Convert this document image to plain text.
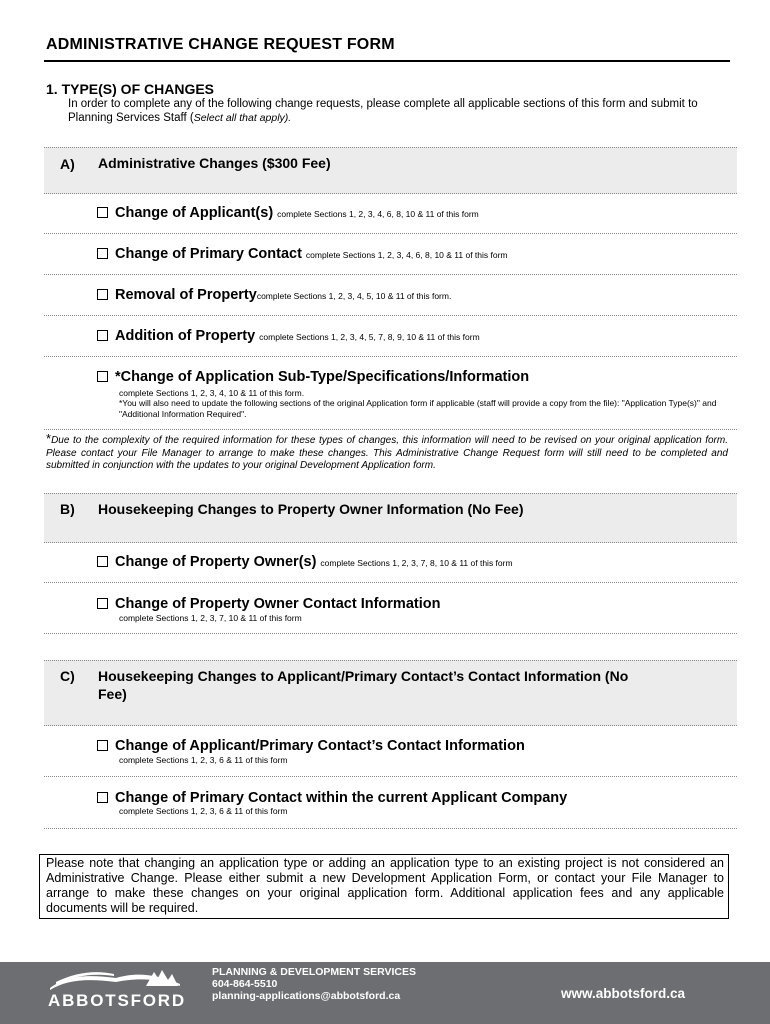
ADMINISTRATIVE CHANGE REQUEST FORM
1. TYPE(S) OF CHANGES
In order to complete any of the following change requests, please complete all applicable sections of this form and submit to Planning Services Staff (Select all that apply).
A) Administrative Changes ($300 Fee)
Change of Applicant(s) complete Sections 1, 2, 3, 4, 6, 8, 10 & 11 of this form
Change of Primary Contact complete Sections 1, 2, 3, 4, 6, 8, 10 & 11 of this form
Removal of Property complete Sections 1, 2, 3, 4, 5, 10 & 11 of this form.
Addition of Property complete Sections 1, 2, 3, 4, 5, 7, 8, 9, 10 & 11 of this form
*Change of Application Sub-Type/Specifications/Information
complete Sections 1, 2, 3, 4, 10 & 11 of this form.
*You will also need to update the following sections of the original Application form if applicable (staff will provide a copy from the file): "Application Type(s)" and "Additional Information Required".
*Due to the complexity of the required information for these types of changes, this information will need to be revised on your original application form. Please contact your File Manager to arrange to make these changes. This Administrative Change Request form will still need to be completed and submitted in conjunction with the updates to your original Development Application form.
B) Housekeeping Changes to Property Owner Information (No Fee)
Change of Property Owner(s) complete Sections 1, 2, 3, 7, 8, 10 & 11 of this form
Change of Property Owner Contact Information
complete Sections 1, 2, 3, 7, 10 & 11 of this form
C) Housekeeping Changes to Applicant/Primary Contact’s Contact Information (No Fee)
Change of Applicant/Primary Contact’s Contact Information
complete Sections 1, 2, 3, 6 & 11 of this form
Change of Primary Contact within the current Applicant Company
complete Sections 1, 2, 3, 6 & 11 of this form
Please note that changing an application type or adding an application type to an existing project is not considered an Administrative Change. Please either submit a new Development Application Form, or contact your File Manager to arrange to make these changes on your original application form. Additional application fees and any applicable documents will be required.
ABBOTSFORD
PLANNING & DEVELOPMENT SERVICES
604-864-5510
planning-applications@abbotsford.ca	www.abbotsford.ca
